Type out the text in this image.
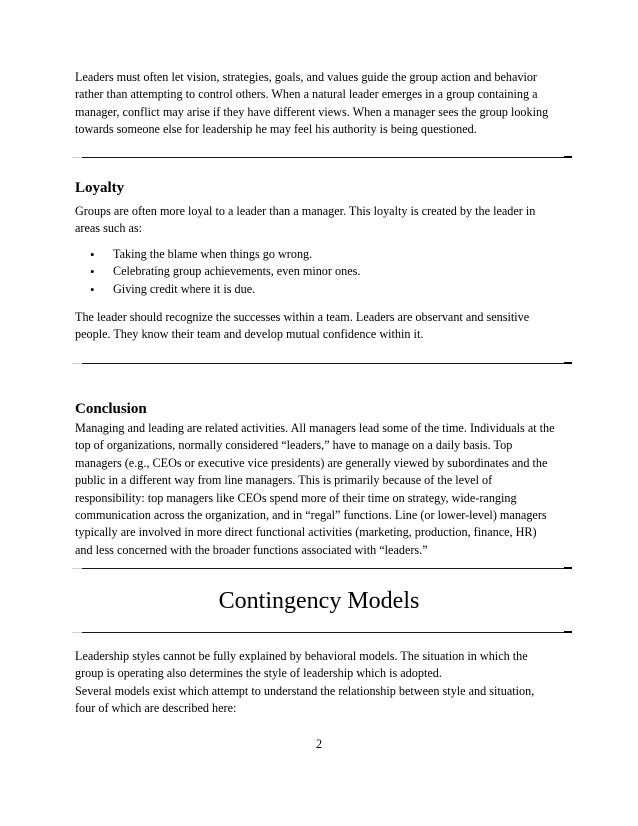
Leaders must often let vision, strategies, goals, and values guide the group action and behavior rather than attempting to control others. When a natural leader emerges in a group containing a manager, conflict may arise if they have different views. When a manager sees the group looking towards someone else for leadership he may feel his authority is being questioned.

Loyalty

Groups are often more loyal to a leader than a manager. This loyalty is created by the leader in areas such as:

• Taking the blame when things go wrong.
• Celebrating group achievements, even minor ones.
• Giving credit where it is due.

The leader should recognize the successes within a team. Leaders are observant and sensitive people. They know their team and develop mutual confidence within it.

Conclusion

Managing and leading are related activities. All managers lead some of the time. Individuals at the top of organizations, normally considered “leaders,” have to manage on a daily basis. Top managers (e.g., CEOs or executive vice presidents) are generally viewed by subordinates and the public in a different way from line managers. This is primarily because of the level of responsibility: top managers like CEOs spend more of their time on strategy, wide-ranging communication across the organization, and in “regal” functions. Line (or lower-level) managers typically are involved in more direct functional activities (marketing, production, finance, HR) and less concerned with the broader functions associated with “leaders.”

Contingency Models

Leadership styles cannot be fully explained by behavioral models. The situation in which the group is operating also determines the style of leadership which is adopted.

Several models exist which attempt to understand the relationship between style and situation, four of which are described here:

2
